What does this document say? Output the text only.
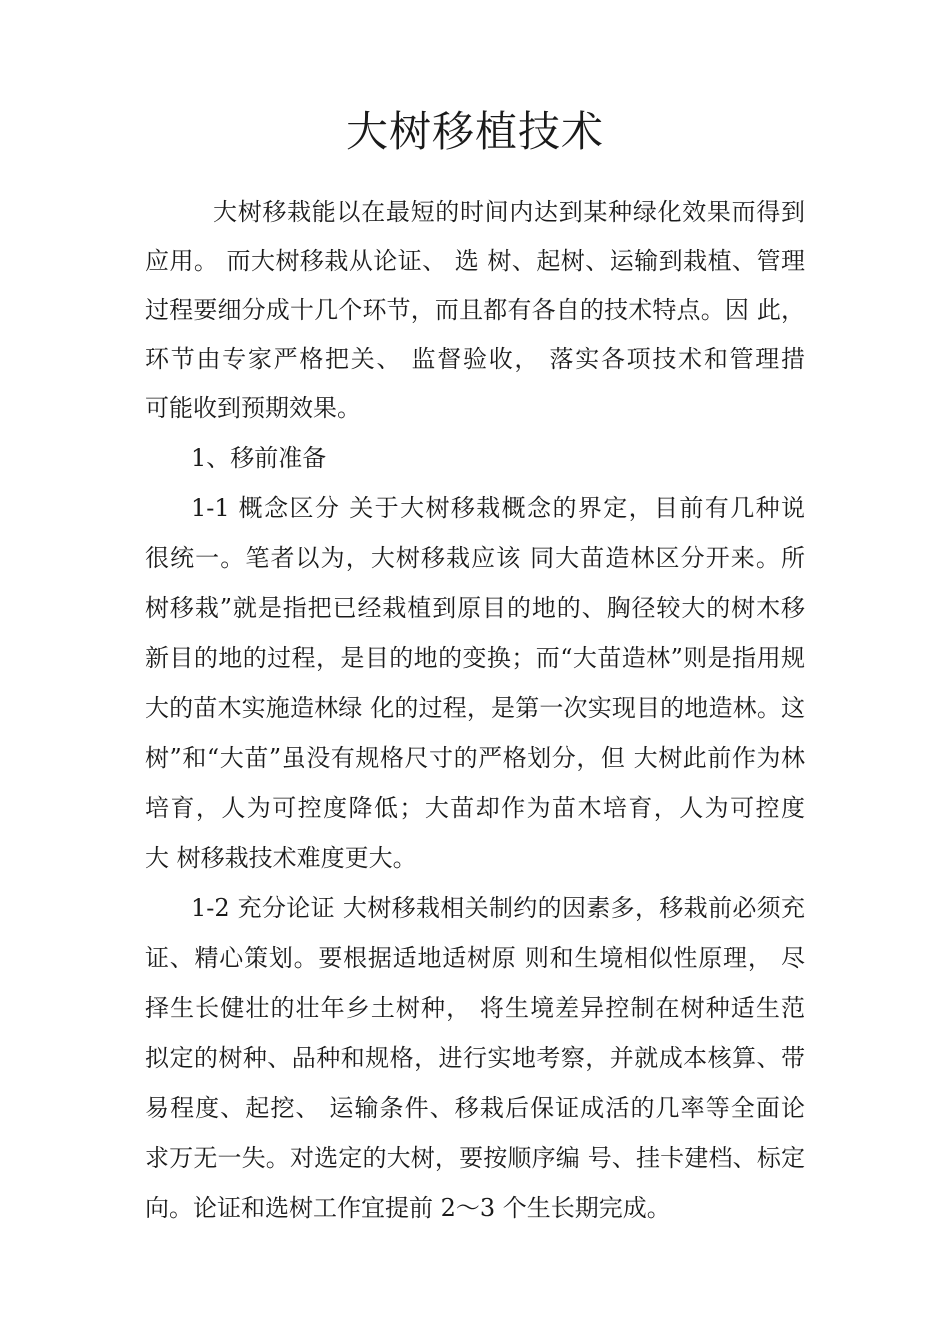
大树移植技术
大树移栽能以在最短的时间内达到某种绿化效果而得到
应用。 而大树移栽从论证、 选 树、起树、运输到栽植、管理
过程要细分成十几个环节，而且都有各自的技术特点。因 此，
环节由专家严格把关、 监督验收， 落实各项技术和管理措
可能收到预期效果。
1、移前准备
1-1 概念区分 关于大树移栽概念的界定，目前有几种说
很统一。笔者以为，大树移栽应该 同大苗造林区分开来。所
树移栽”就是指把已经栽植到原目的地的、胸径较大的树木移
新目的地的过程，是目的地的变换；而“大苗造林”则是指用规
大的苗木实施造林绿 化的过程，是第一次实现目的地造林。这
树”和“大苗”虽没有规格尺寸的严格划分，但 大树此前作为林
培育，人为可控度降低；大苗却作为苗木培育，人为可控度
大 树移栽技术难度更大。
1-2 充分论证 大树移栽相关制约的因素多，移栽前必须充
证、精心策划。要根据适地适树原 则和生境相似性原理， 尽
择生长健壮的壮年乡土树种， 将生境差异控制在树种适生范
拟定的树种、品种和规格，进行实地考察，并就成本核算、带
易程度、起挖、 运输条件、移栽后保证成活的几率等全面论
求万无一失。对选定的大树，要按顺序编 号、挂卡建档、标定
向。论证和选树工作宜提前 2～3 个生长期完成。
